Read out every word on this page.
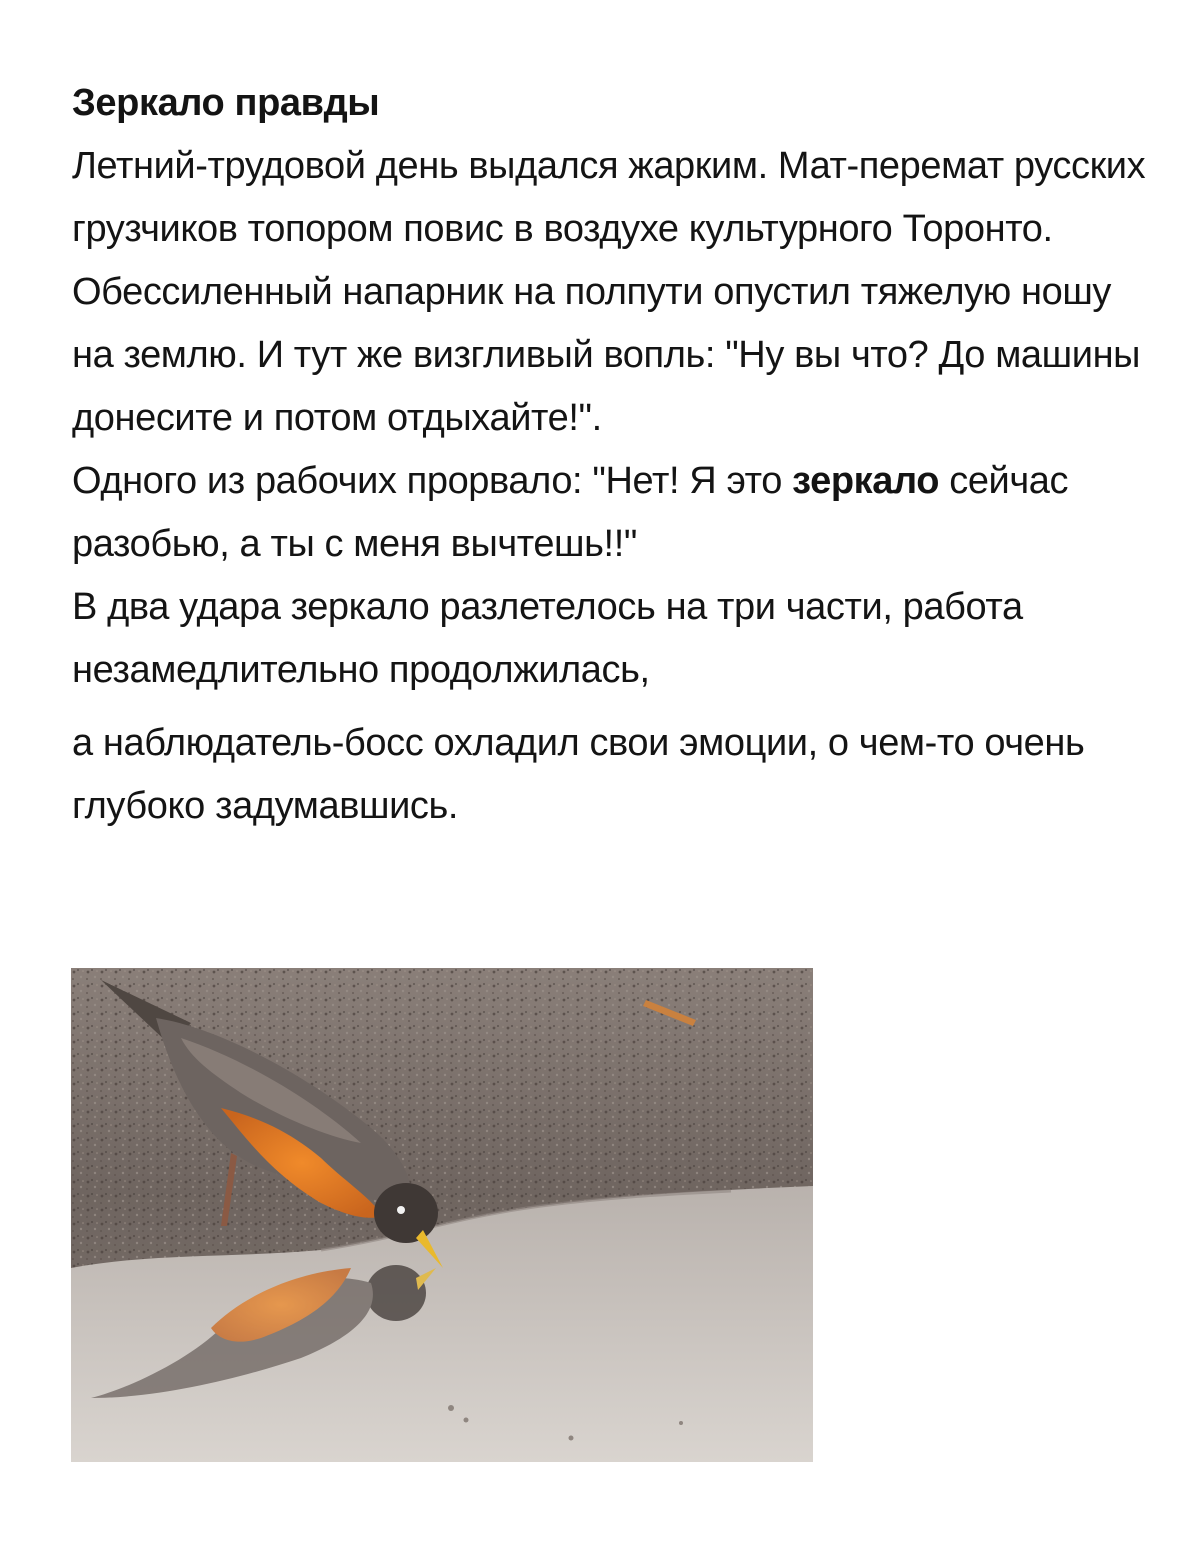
Зеркало правды

Летний-трудовой день выдался жарким. Мат-перемат русских грузчиков топором повис в воздухе культурного Торонто. Обессиленный напарник на полпути опустил тяжелую ношу на землю. И тут же визгливый вопль: "Ну вы что? До машины донесите и потом отдыхайте!".

Одного из рабочих прорвало: "Нет! Я это зеркало сейчас разобью, а ты с меня вычтешь!!"

В два удара зеркало разлетелось на три части, работа незамедлительно продолжилась,

а наблюдатель-босс охладил свои эмоции, о чем-то очень глубоко задумавшись.
